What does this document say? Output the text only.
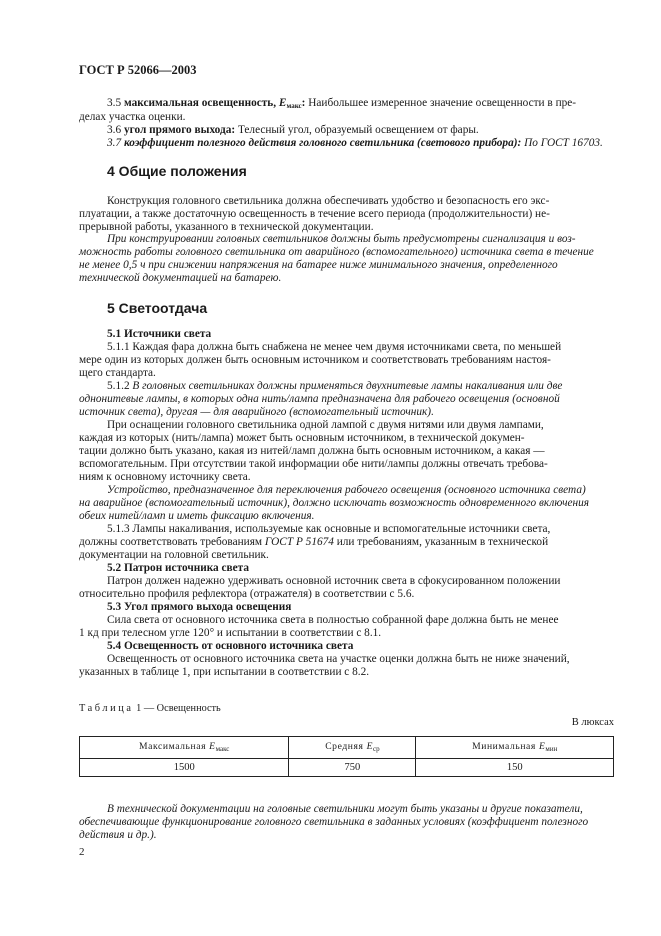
ГОСТ Р 52066—2003
3.5 максимальная освещенность, $E_{макс}$: Наибольшее измеренное значение освещенности в пре-
делах участка оценки.
3.6 угол прямого выхода: Телесный угол, образуемый освещением от фары.
3.7 коэффициент полезного действия головного светильника (светового прибора): По ГОСТ 16703.
4 Общие положения
Конструкция головного светильника должна обеспечивать удобство и безопасность его экс-
плуатации, а также достаточную освещенность в течение всего периода (продолжительности) не-
прерывной работы, указанного в технической документации.
При конструировании головных светильников должны быть предусмотрены сигнализация и воз-
можность работы головного светильника от аварийного (вспомогательного) источника света в течение
не менее 0,5 ч при снижении напряжения на батарее ниже минимального значения, определенного
технической документацией на батарею.
5 Светоотдача
5.1 Источники света
5.1.1 Каждая фара должна быть снабжена не менее чем двумя источниками света, по меньшей
мере один из которых должен быть основным источником и соответствовать требованиям настоя-
щего стандарта.
5.1.2 В головных светильниках должны применяться двухнитевые лампы накаливания или две
однонитевые лампы, в которых одна нить/лампа предназначена для рабочего освещения (основной
источник света), другая — для аварийного (вспомогательный источник).
При оснащении головного светильника одной лампой с двумя нитями или двумя лампами,
каждая из которых (нить/лампа) может быть основным источником, в технической докумен-
тации должно быть указано, какая из нитей/ламп должна быть основным источником, а какая —
вспомогательным. При отсутствии такой информации обе нити/лампы должны отвечать требова-
ниям к основному источнику света.
Устройство, предназначенное для переключения рабочего освещения (основного источника света)
на аварийное (вспомогательный источник), должно исключать возможность одновременного включения
обеих нитей/ламп и иметь фиксацию включения.
5.1.3 Лампы накаливания, используемые как основные и вспомогательные источники света,
должны соответствовать требованиям ГОСТ Р 51674 или требованиям, указанным в технической
документации на головной светильник.
5.2 Патрон источника света
Патрон должен надежно удерживать основной источник света в сфокусированном положении
относительно профиля рефлектора (отражателя) в соответствии с 5.6.
5.3 Угол прямого выхода освещения
Сила света от основного источника света в полностью собранной фаре должна быть не менее
1 кд при телесном угле 120° и испытании в соответствии с 8.1.
5.4 Освещенность от основного источника света
Освещенность от основного источника света на участке оценки должна быть не ниже значений,
указанных в таблице 1, при испытании в соответствии с 8.2.
Таблица 1 — Освещенность
В люксах
Максимальная $E_{макс}$	Средняя $E_{ср}$	Минимальная $E_{мин}$
1500	750	150
В технической документации на головные светильники могут быть указаны и другие показатели,
обеспечивающие функционирование головного светильника в заданных условиях (коэффициент полезного
действия и др.).
2
